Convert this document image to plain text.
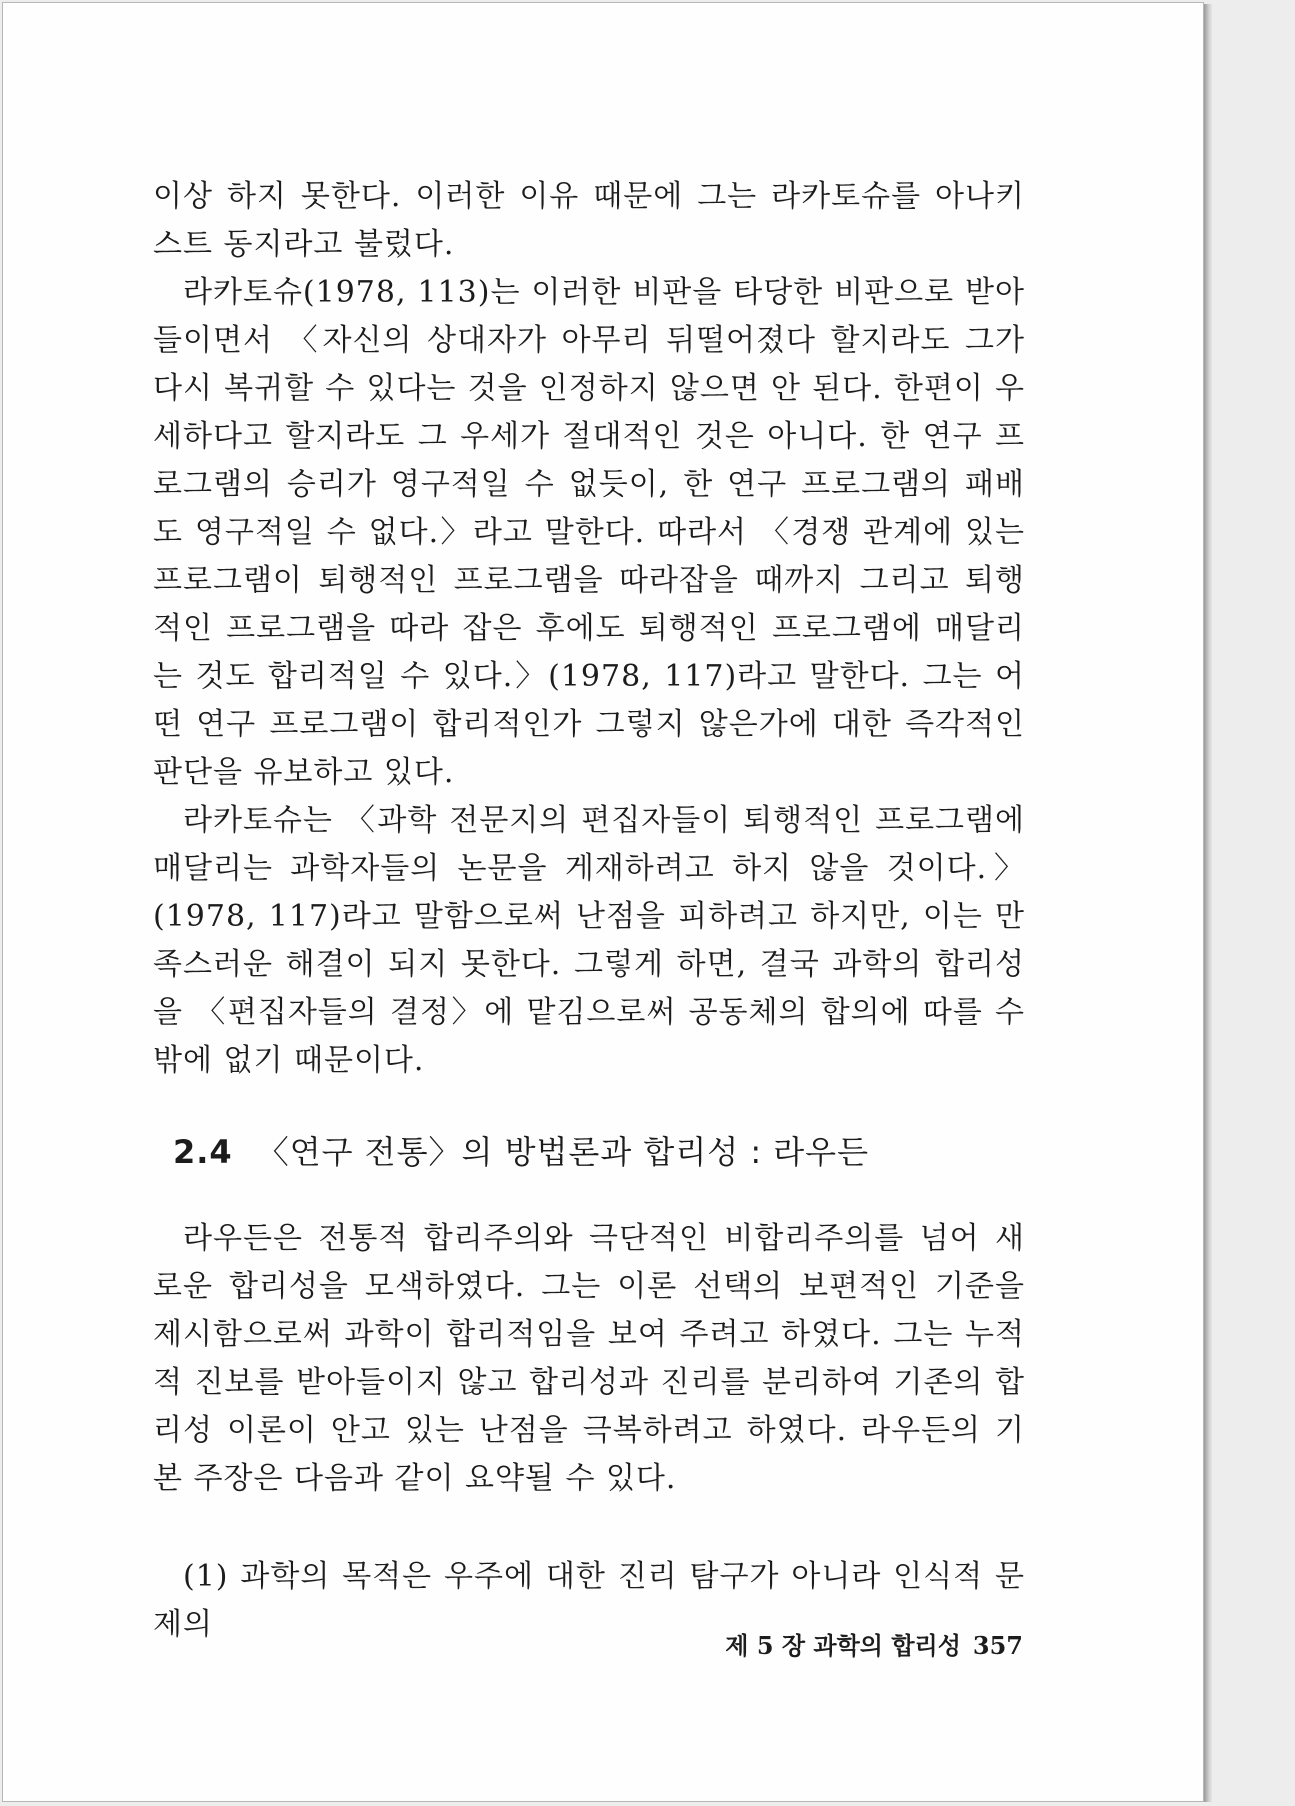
이상 하지 못한다. 이러한 이유 때문에 그는 라카토슈를 아나키스트 동지라고 불렀다.

라카토슈(1978, 113)는 이러한 비판을 타당한 비판으로 받아들이면서 〈자신의 상대자가 아무리 뒤떨어졌다 할지라도 그가 다시 복귀할 수 있다는 것을 인정하지 않으면 안 된다. 한편이 우세하다고 할지라도 그 우세가 절대적인 것은 아니다. 한 연구 프로그램의 승리가 영구적일 수 없듯이, 한 연구 프로그램의 패배도 영구적일 수 없다.〉라고 말한다. 따라서 〈경쟁 관계에 있는 프로그램이 퇴행적인 프로그램을 따라잡을 때까지 그리고 퇴행적인 프로그램을 따라 잡은 후에도 퇴행적인 프로그램에 매달리는 것도 합리적일 수 있다.〉(1978, 117)라고 말한다. 그는 어떤 연구 프로그램이 합리적인가 그렇지 않은가에 대한 즉각적인 판단을 유보하고 있다.

라카토슈는 〈과학 전문지의 편집자들이 퇴행적인 프로그램에 매달리는 과학자들의 논문을 게재하려고 하지 않을 것이다.〉(1978, 117)라고 말함으로써 난점을 피하려고 하지만, 이는 만족스러운 해결이 되지 못한다. 그렇게 하면, 결국 과학의 합리성을 〈편집자들의 결정〉에 맡김으로써 공동체의 합의에 따를 수밖에 없기 때문이다.

2.4 〈연구 전통〉의 방법론과 합리성 : 라우든

라우든은 전통적 합리주의와 극단적인 비합리주의를 넘어 새로운 합리성을 모색하였다. 그는 이론 선택의 보편적인 기준을 제시함으로써 과학이 합리적임을 보여 주려고 하였다. 그는 누적적 진보를 받아들이지 않고 합리성과 진리를 분리하여 기존의 합리성 이론이 안고 있는 난점을 극복하려고 하였다. 라우든의 기본 주장은 다음과 같이 요약될 수 있다.

(1) 과학의 목적은 우주에 대한 진리 탐구가 아니라 인식적 문제의

제 5 장 과학의 합리성 357
